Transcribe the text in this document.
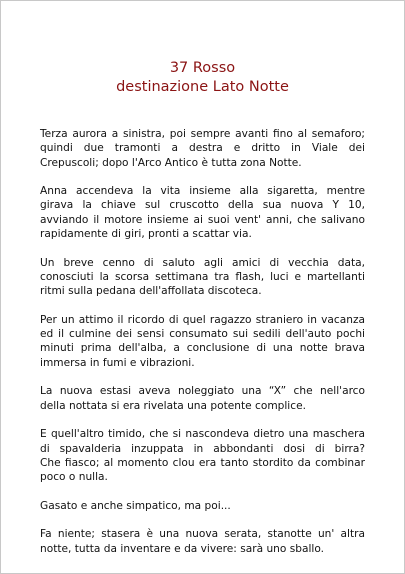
37 Rosso
destinazione Lato Notte
Terza aurora a sinistra, poi sempre avanti fino al semaforo;
quindi due tramonti a destra e dritto in Viale dei
Crepuscoli; dopo l'Arco Antico è tutta zona Notte.
Anna accendeva la vita insieme alla sigaretta, mentre
girava la chiave sul cruscotto della sua nuova Y 10,
avviando il motore insieme ai suoi vent' anni, che salivano
rapidamente di giri, pronti a scattar via.
Un breve cenno di saluto agli amici di vecchia data,
conosciuti la scorsa settimana tra flash, luci e martellanti
ritmi sulla pedana dell'affollata discoteca.
Per un attimo il ricordo di quel ragazzo straniero in vacanza
ed il culmine dei sensi consumato sui sedili dell'auto pochi
minuti prima dell'alba, a conclusione di una notte brava
immersa in fumi e vibrazioni.
La nuova estasi aveva noleggiato una “X” che nell'arco
della nottata si era rivelata una potente complice.
E quell'altro timido, che si nascondeva dietro una maschera
di spavalderia inzuppata in abbondanti dosi di birra?
Che fiasco; al momento clou era tanto stordito da combinar
poco o nulla.
Gasato e anche simpatico, ma poi...
Fa niente; stasera è una nuova serata, stanotte un' altra
notte, tutta da inventare e da vivere: sarà uno sballo.
